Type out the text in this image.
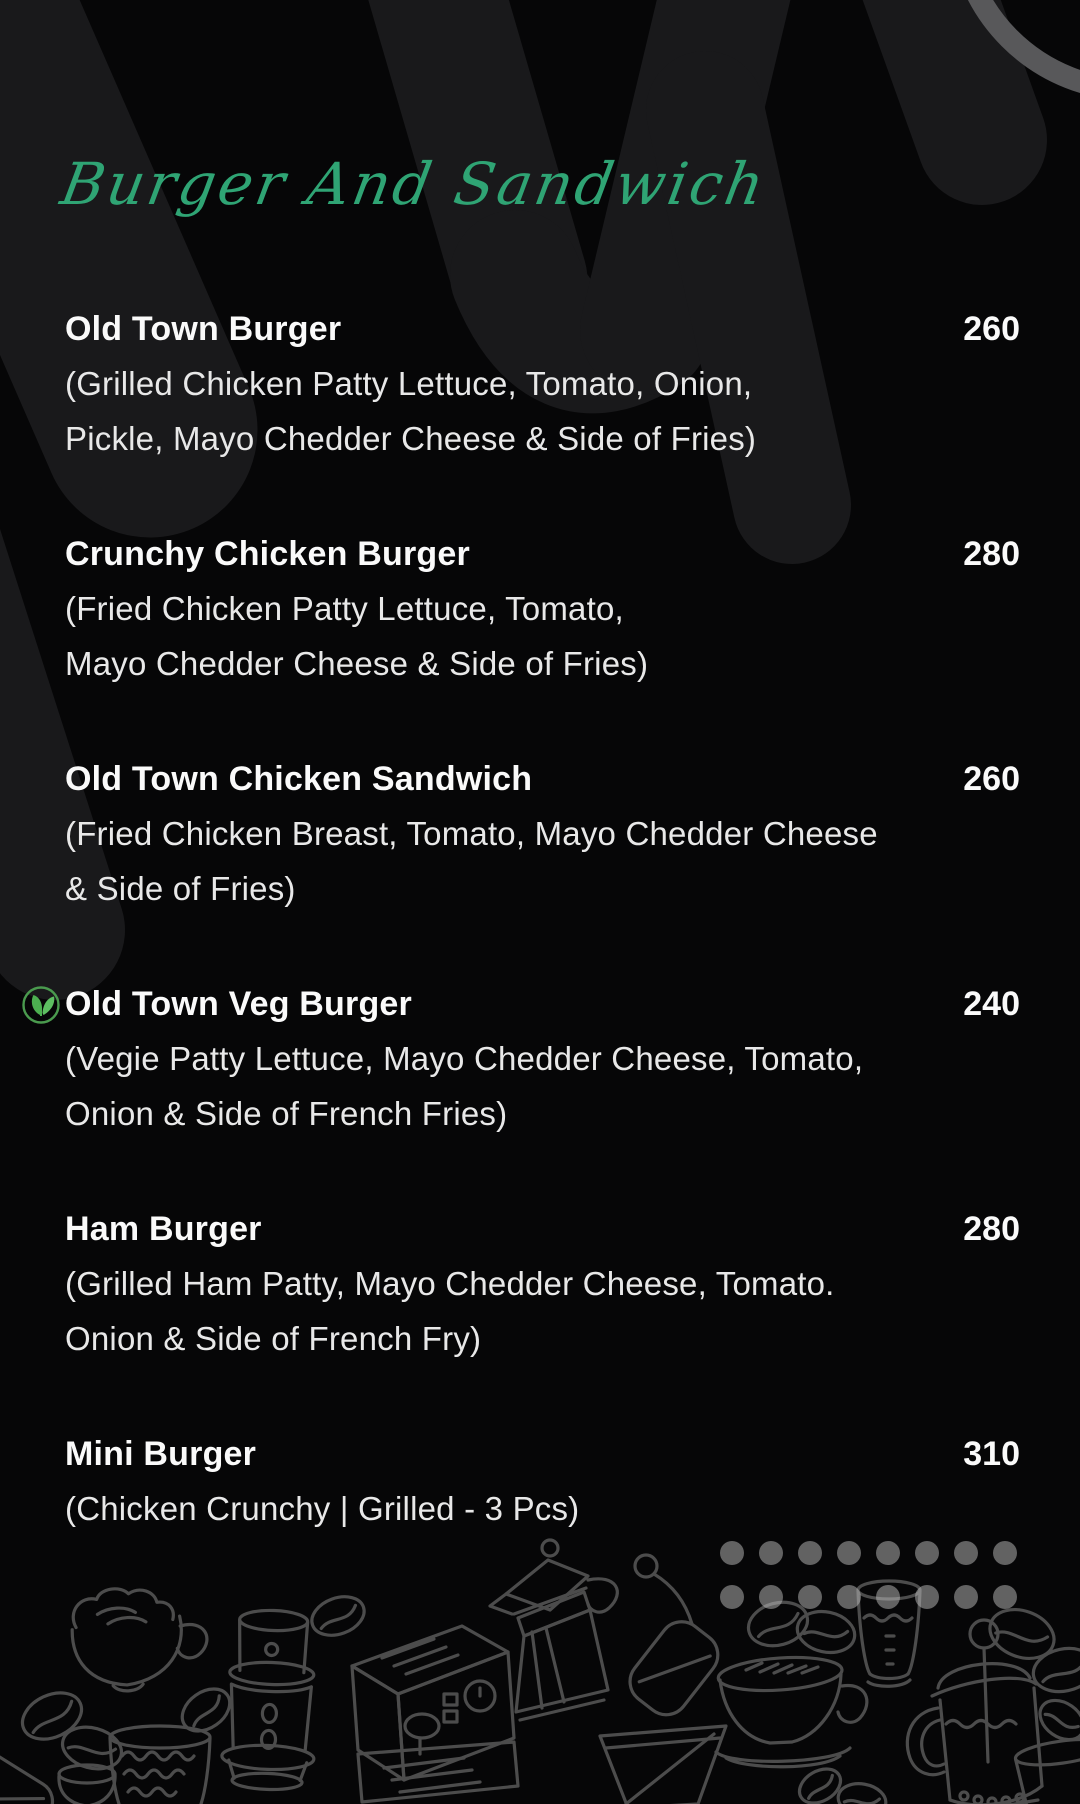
Burger And Sandwich
Old Town Burger	260
(Grilled Chicken Patty Lettuce, Tomato, Onion,
Pickle, Mayo Chedder Cheese & Side of Fries)
Crunchy Chicken Burger	280
(Fried Chicken Patty Lettuce, Tomato,
Mayo Chedder Cheese & Side of Fries)
Old Town Chicken Sandwich	260
(Fried Chicken Breast, Tomato, Mayo Chedder Cheese
& Side of Fries)
Old Town Veg Burger	240
(Vegie Patty Lettuce, Mayo Chedder Cheese, Tomato,
Onion & Side of French Fries)
Ham Burger	280
(Grilled Ham Patty, Mayo Chedder Cheese, Tomato.
Onion & Side of French Fry)
Mini Burger	310
(Chicken Crunchy | Grilled - 3 Pcs)
